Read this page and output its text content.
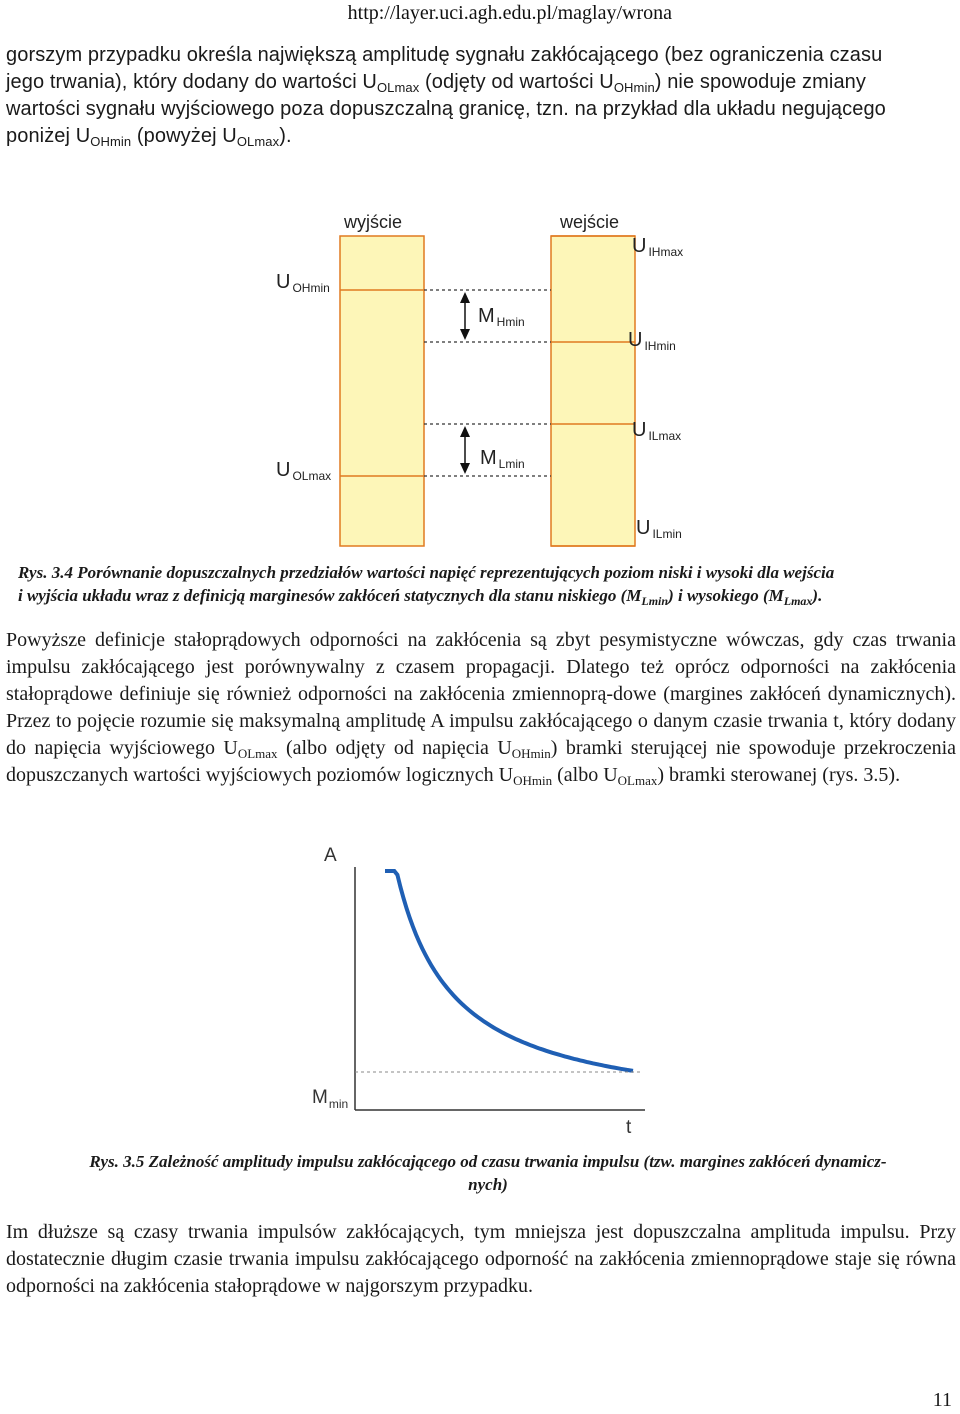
http://layer.uci.agh.edu.pl/maglay/wrona
gorszym przypadku określa największą amplitudę sygnału zakłócającego (bez ograniczenia czasu
jego trwania), który dodany do wartości $U_{OLmax}$ (odjęty od wartości $U_{OHmin}$) nie spowoduje zmiany
wartości sygnału wyjściowego poza dopuszczalną granicę, tzn. na przykład dla układu negującego
poniżej $U_{OHmin}$ (powyżej $U_{OLmax}$).
wyjście	wejście
U $_{OHmin}$
U $_{OLmax}$
M $_{Hmin}$
M $_{Lmin}$
U $_{IHmax}$
U $_{IHmin}$
U $_{ILmax}$
U $_{ILmin}$
Rys. 3.4 Porównanie dopuszczalnych przedziałów wartości napięć reprezentujących poziom niski i wysoki dla wejścia
i wyjścia układu wraz z definicją marginesów zakłóceń statycznych dla stanu niskiego $(M_{Lmin})$ i wysokiego $(M_{Lmax})$.
Powyższe definicje stałoprądowych odporności na zakłócenia są zbyt pesymistyczne wówczas, gdy czas trwania impulsu zakłócającego jest porównywalny z czasem propagacji. Dlatego też oprócz odporności na zakłócenia stałoprądowe definiuje się również odporności na zakłócenia zmiennoprą-dowe (margines zakłóceń dynamicznych). Przez to pojęcie rozumie się maksymalną amplitudę A impulsu zakłócającego o danym czasie trwania t, który dodany do napięcia wyjściowego $U_{OLmax}$ (albo odjęty od napięcia $U_{OHmin}$) bramki sterującej nie spowoduje przekroczenia dopuszczanych wartości wyjściowych poziomów logicznych $U_{OHmin}$ (albo $U_{OLmax}$) bramki sterowanej (rys. 3.5).
A
t
$M_{min}$
Rys. 3.5 Zależność amplitudy impulsu zakłócającego od czasu trwania impulsu (tzw. margines zakłóceń dynamicz-
nych)
Im dłuższe są czasy trwania impulsów zakłócających, tym mniejsza jest dopuszczalna amplituda impulsu. Przy dostatecznie długim czasie trwania impulsu zakłócającego odporność na zakłócenia zmiennoprądowe staje się równa odporności na zakłócenia stałoprądowe w najgorszym przypadku.
11
